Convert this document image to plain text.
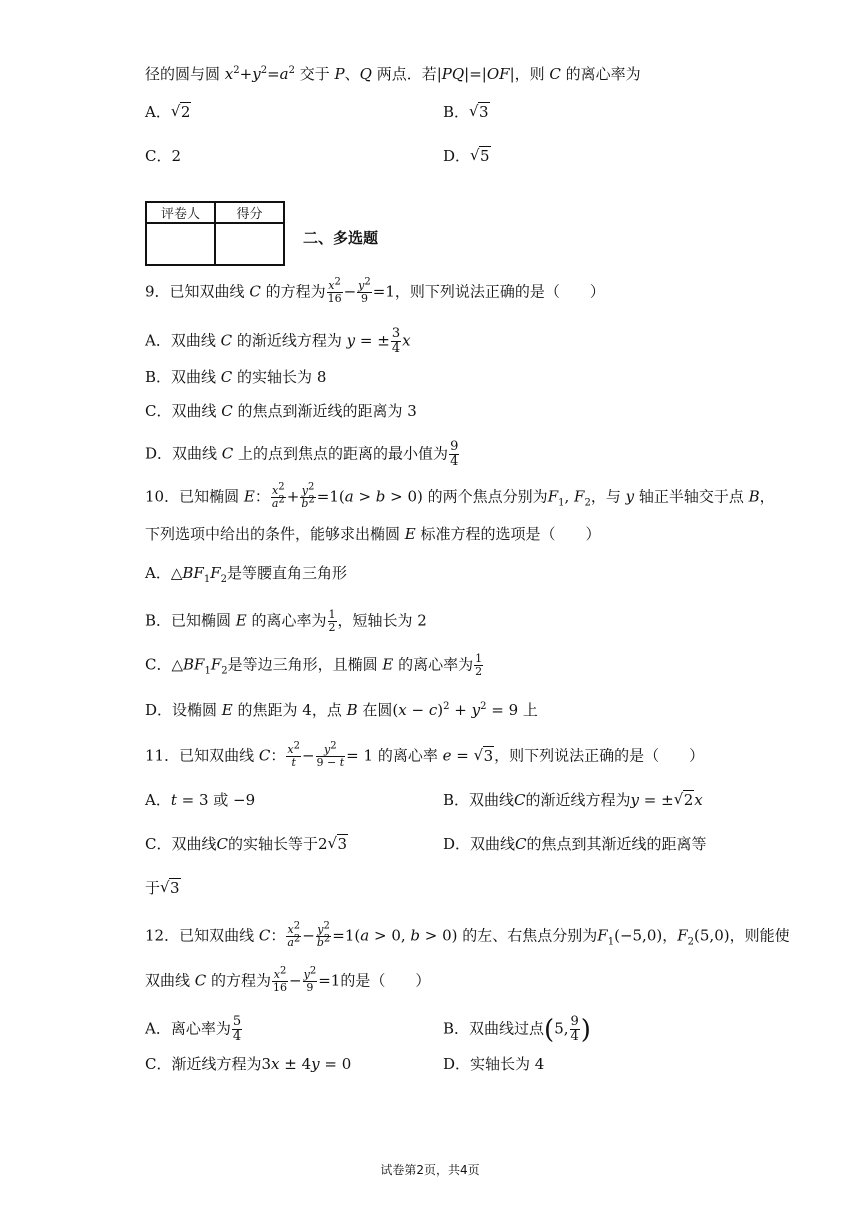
径的圆与圆 $x^2+y^2=a^2$ 交于 P、Q 两点．若|PQ|=|OF|，则 C 的离心率为
A． √ 2	B． √ 3
C．2	D． √ 5
评卷人	得分

二、多选题
9．已知双曲线 C 的方程为 $\frac{x^2}{16} - \frac{y^2}{9} =1$，则下列说法正确的是（　　）
A．双曲线 C 的渐近线方程为 y = ± $\frac{3}{4}$ x
B．双曲线 C 的实轴长为 8
C．双曲线 C 的焦点到渐近线的距离为 3
D．双曲线 C 上的点到焦点的距离的最小值为 $\frac{9}{4}$
10．已知椭圆 E： $\frac{x^2}{a^2} + \frac{y^2}{b^2} =1(a > b > 0)$ 的两个焦点分别为$F_1$, $F_2$，与 y 轴正半轴交于点 B，
下列选项中给出的条件，能够求出椭圆 E 标准方程的选项是（　　）
A．$\triangle BF_1F_2$是等腰直角三角形
B．已知椭圆 E 的离心率为 $\frac{1}{2}$ ，短轴长为 2
C．$\triangle BF_1F_2$是等边三角形，且椭圆 E 的离心率为 $\frac{1}{2}$
D．设椭圆 E 的焦距为 4，点 B 在圆$(x - c)^2 + y^2 = 9$ 上
11．已知双曲线 C： $\frac{x^2}{t} - \frac{y^2}{9 - t} = 1$ 的离心率 e = √ 3，则下列说法正确的是（　　）
A．t = 3 或 −9	B．双曲线C的渐近线方程为y = ± √ 2x
C．双曲线C的实轴长等于2 √ 3	D．双曲线C的焦点到其渐近线的距离等
于 √ 3
12．已知双曲线 C： $\frac{x^2}{a^2} - \frac{y^2}{b^2} =1(a > 0$, b > 0) 的左、右焦点分别为$F_1(-5,0)$，$F_2(5,0)$，则能使
双曲线 C 的方程为 $\frac{x^2}{16} - \frac{y^2}{9} =1$的是（　　）
A．离心率为 $\frac{5}{4}$	B．双曲线过点(5, $\frac{9}{4}$ )
C．渐近线方程为3x ± 4y = 0	D．实轴长为 4
试卷第2页，共4页
